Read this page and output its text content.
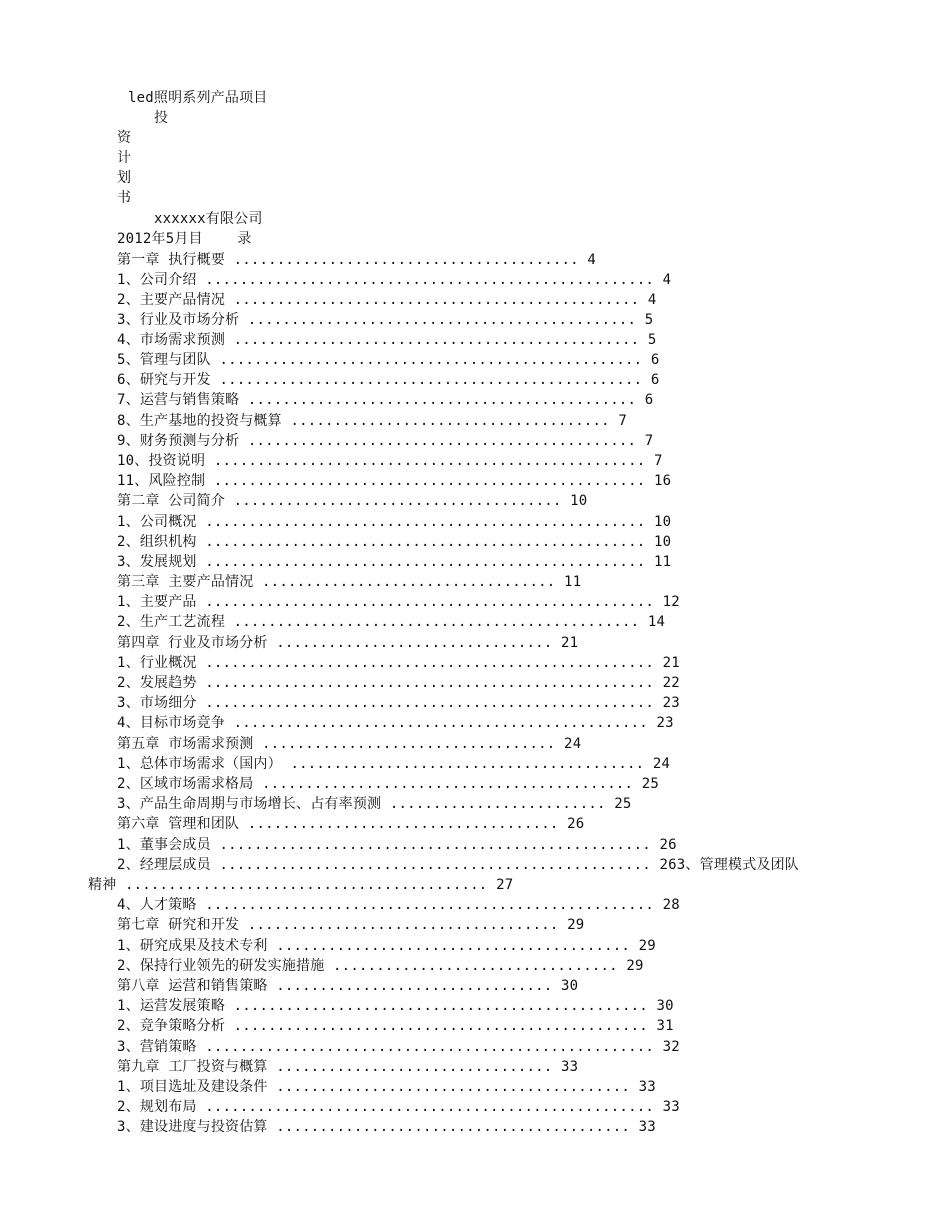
led照明系列产品项目
投
资
计
划
书
xxxxxx有限公司
2012年5月目    录
第一章 执行概要 ........................................ 4
1、公司介绍 .................................................... 4
2、主要产品情况 ............................................... 4
3、行业及市场分析 ............................................. 5
4、市场需求预测 ............................................... 5
5、管理与团队 ................................................. 6
6、研究与开发 ................................................. 6
7、运营与销售策略 ............................................. 6
8、生产基地的投资与概算 ..................................... 7
9、财务预测与分析 ............................................. 7
10、投资说明 .................................................. 7
11、风险控制 .................................................. 16
第二章 公司简介 ...................................... 10
1、公司概况 ................................................... 10
2、组织机构 ................................................... 10
3、发展规划 ................................................... 11
第三章 主要产品情况 .................................. 11
1、主要产品 .................................................... 12
2、生产工艺流程 ............................................... 14
第四章 行业及市场分析 ................................ 21
1、行业概况 .................................................... 21
2、发展趋势 .................................................... 22
3、市场细分 .................................................... 23
4、目标市场竞争 ................................................ 23
第五章 市场需求预测 .................................. 24
1、总体市场需求（国内） ......................................... 24
2、区域市场需求格局 ........................................... 25
3、产品生命周期与市场增长、占有率预测 ......................... 25
第六章 管理和团队 .................................... 26
1、董事会成员 .................................................. 26
2、经理层成员 .................................................. 263、管理模式及团队
精神 .......................................... 27
4、人才策略 .................................................... 28
第七章 研究和开发 .................................... 29
1、研究成果及技术专利 ......................................... 29
2、保持行业领先的研发实施措施 ................................. 29
第八章 运营和销售策略 ................................ 30
1、运营发展策略 ................................................ 30
2、竞争策略分析 ................................................ 31
3、营销策略 .................................................... 32
第九章 工厂投资与概算 ................................ 33
1、项目选址及建设条件 ......................................... 33
2、规划布局 .................................................... 33
3、建设进度与投资估算 ......................................... 33
